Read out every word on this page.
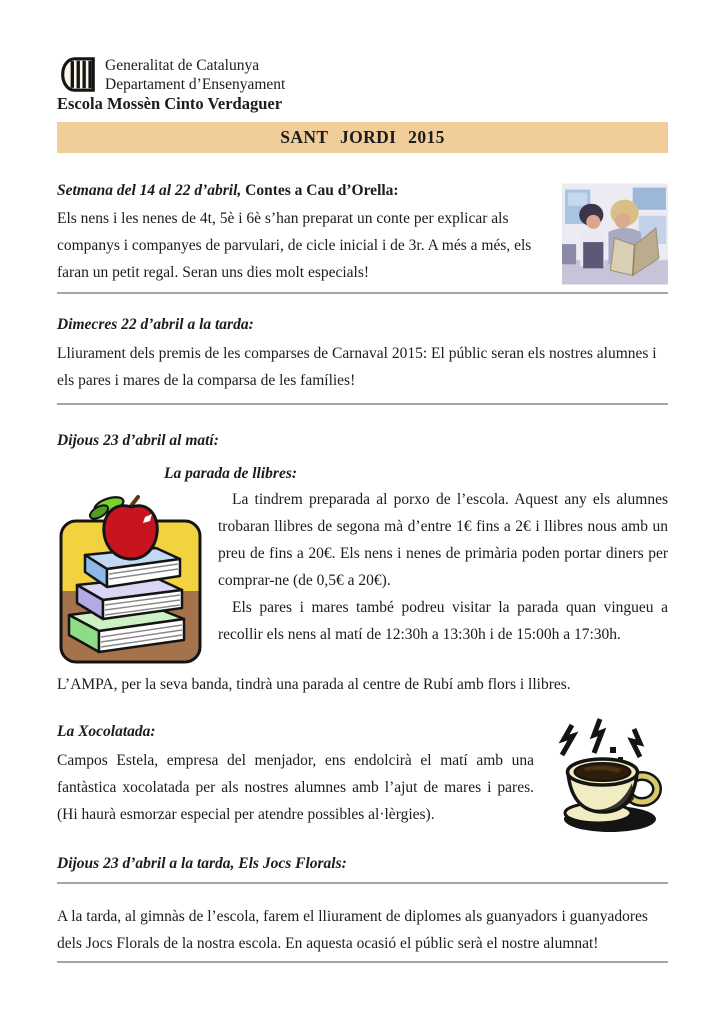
Generalitat de Catalunya
Departament d’Ensenyament
Escola Mossèn Cinto Verdaguer
SANT JORDI 2015
Setmana del 14 al 22 d’abril, Contes a Cau d’Orella:

Els nens i les nenes de 4t, 5è i 6è s’han preparat un conte per explicar als companys i companyes de parvulari, de cicle inicial i de 3r. A més a més, els faran un petit regal. Seran uns dies molt especials!

Dimecres 22 d’abril a la tarda:

Lliurament dels premis de les comparses de Carnaval 2015: El públic seran els nostres alumnes i els pares i mares de la comparsa de les famílies!

Dijous 23 d’abril al matí:
La parada de llibres:

La tindrem preparada al porxo de l’escola. Aquest any els alumnes trobaran llibres de segona mà d’entre 1€ fins a 2€ i llibres nous amb un preu de fins a 20€. Els nens i nenes de primària poden portar diners per comprar-ne (de 0,5€ a 20€).

Els pares i mares també podreu visitar la parada quan vingueu a recollir els nens al matí de 12:30h a 13:30h i de 15:00h a 17:30h.

L’AMPA, per la seva banda, tindrà una parada al centre de Rubí amb flors i llibres.

La Xocolatada:

Campos Estela, empresa del menjador, ens endolcirà el matí amb una fantàstica xocolatada per als nostres alumnes amb l’ajut de mares i pares. (Hi haurà esmorzar especial per atendre possibles al·lèrgies).

Dijous 23 d’abril a la tarda, Els Jocs Florals:

A la tarda, al gimnàs de l’escola, farem el lliurament de diplomes als guanyadors i guanyadores dels Jocs Florals de la nostra escola. En aquesta ocasió el públic serà el nostre alumnat!
